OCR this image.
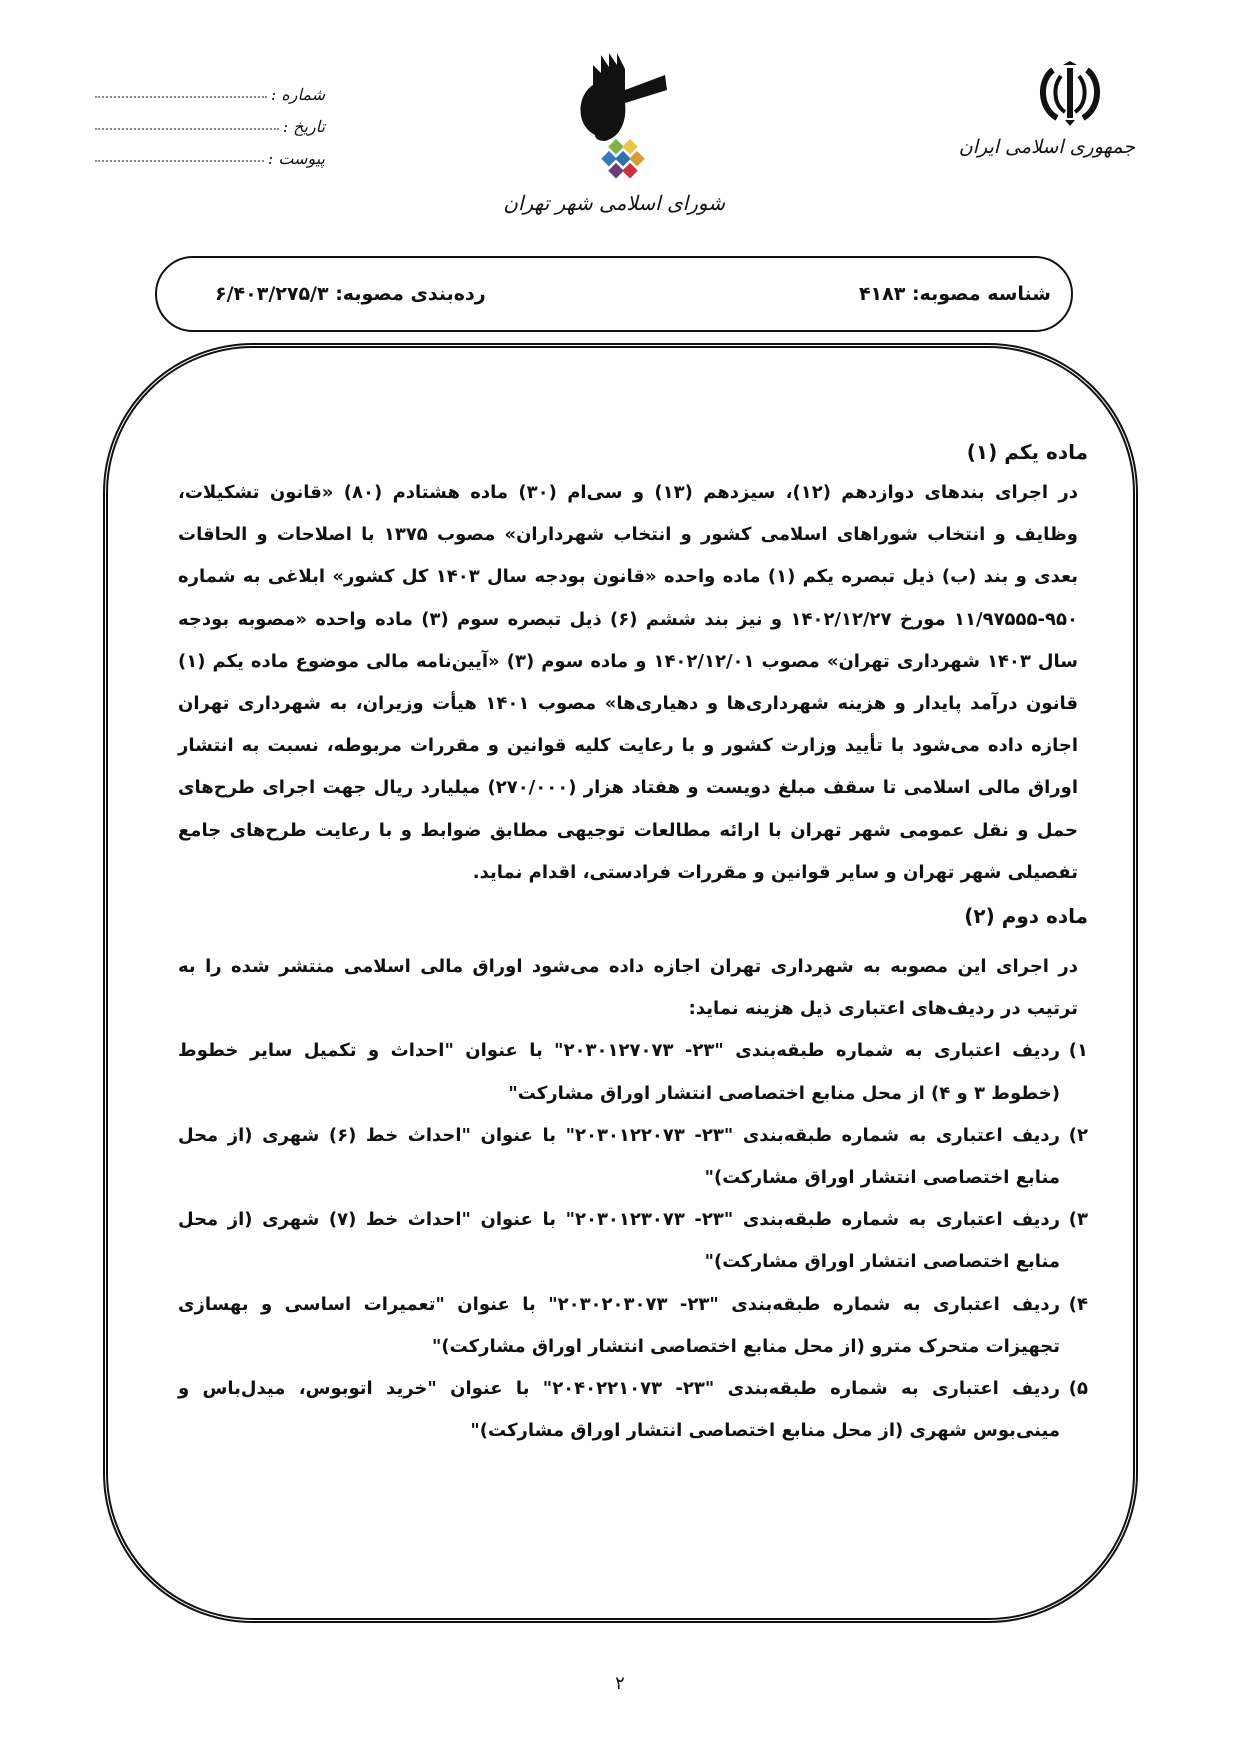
جمهوری اسلامی ایران
شورای اسلامی شهر تهران
شماره :
تاریخ :
پیوست :
شناسه مصوبه: ۴۱۸۳
رده‌بندی مصوبه: ۶/۴۰۳/۲۷۵/۳
ماده یکم (۱)

در اجرای بندهای دوازدهم (۱۲)، سیزدهم (۱۳) و سی‌ام (۳۰) ماده هشتادم (۸۰) «قانون تشکیلات، وظایف و انتخاب شوراهای اسلامی کشور و انتخاب شهرداران» مصوب ۱۳۷۵ با اصلاحات و الحاقات بعدی و بند (ب) ذیل تبصره یکم (۱) ماده واحده «قانون بودجه سال ۱۴۰۳ کل کشور» ابلاغی به شماره ۹۵۰-۱۱/۹۷۵۵۵ مورخ ۱۴۰۲/۱۲/۲۷ و نیز بند ششم (۶) ذیل تبصره سوم (۳) ماده واحده «مصوبه بودجه سال ۱۴۰۳ شهرداری تهران» مصوب ۱۴۰۲/۱۲/۰۱ و ماده سوم (۳) «آیین‌نامه مالی موضوع ماده یکم (۱) قانون درآمد پایدار و هزینه شهرداری‌ها و دهیاری‌ها» مصوب ۱۴۰۱ هیأت وزیران، به شهرداری تهران اجازه داده می‌شود با تأیید وزارت کشور و با رعایت کلیه قوانین و مقررات مربوطه، نسبت به انتشار اوراق مالی اسلامی تا سقف مبلغ دویست و هفتاد هزار (۲۷۰/۰۰۰) میلیارد ریال جهت اجرای طرح‌های حمل و نقل عمومی شهر تهران با ارائه مطالعات توجیهی مطابق ضوابط و با رعایت طرح‌های جامع تفصیلی شهر تهران و سایر قوانین و مقررات فرادستی، اقدام نماید.

ماده دوم (۲)

در اجرای این مصوبه به شهرداری تهران اجازه داده می‌شود اوراق مالی اسلامی منتشر شده را به ترتیب در ردیف‌های اعتباری ذیل هزینه نماید:

۱)
ردیف اعتباری به شماره طبقه‌بندی "۲۳- ۲۰۳۰۱۲۷۰۷۳" با عنوان "احداث و تکمیل سایر خطوط (خطوط ۳ و ۴) از محل منابع اختصاصی انتشار اوراق مشارکت"
۲)
ردیف اعتباری به شماره طبقه‌بندی "۲۳- ۲۰۳۰۱۲۲۰۷۳" با عنوان "احداث خط (۶) شهری (از محل منابع اختصاصی انتشار اوراق مشارکت)"
۳)
ردیف اعتباری به شماره طبقه‌بندی "۲۳- ۲۰۳۰۱۲۳۰۷۳" با عنوان "احداث خط (۷) شهری (از محل منابع اختصاصی انتشار اوراق مشارکت)"
۴)
ردیف اعتباری به شماره طبقه‌بندی "۲۳- ۲۰۳۰۲۰۳۰۷۳" با عنوان "تعمیرات اساسی و بهسازی تجهیزات متحرک مترو (از محل منابع اختصاصی انتشار اوراق مشارکت)"
۵)
ردیف اعتباری به شماره طبقه‌بندی "۲۳- ۲۰۴۰۲۲۱۰۷۳" با عنوان "خرید اتوبوس، میدل‌باس و مینی‌بوس شهری (از محل منابع اختصاصی انتشار اوراق مشارکت)"
۲
